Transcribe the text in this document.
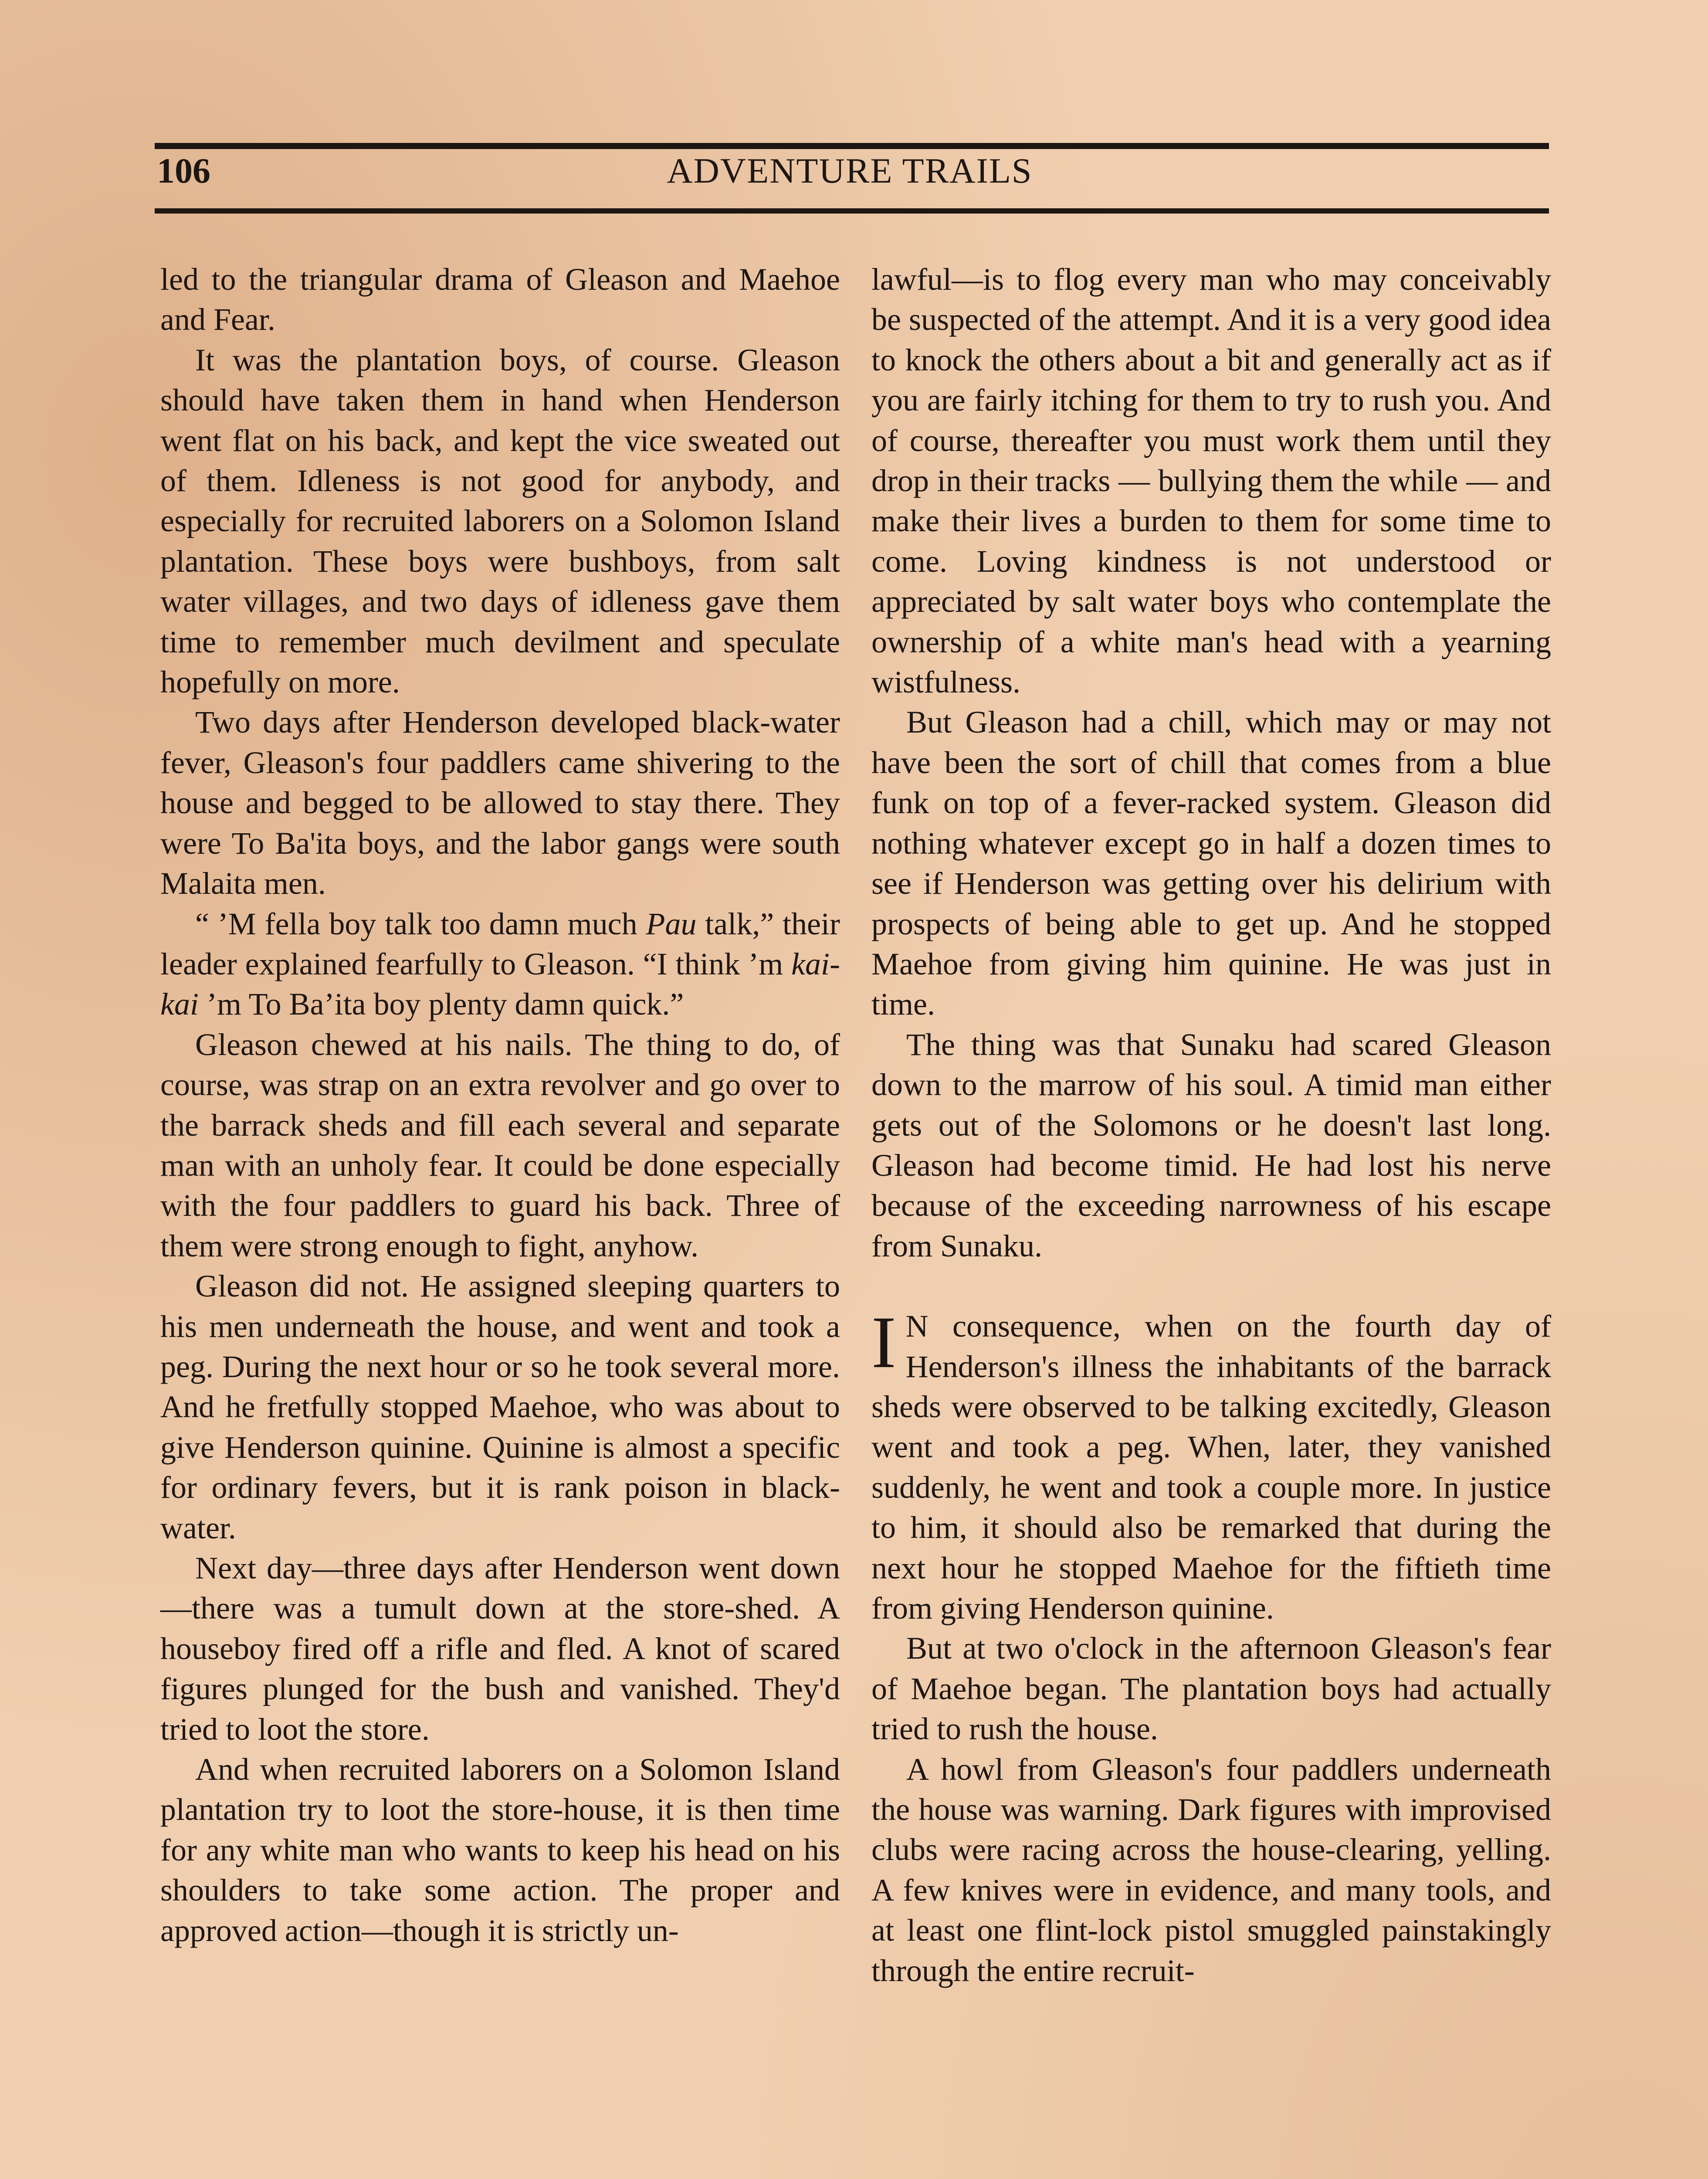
106	ADVENTURE TRAILS

led to the triangular drama of Gleason and Maehoe and Fear.

It was the plantation boys, of course. Gleason should have taken them in hand when Henderson went flat on his back, and kept the vice sweated out of them. Idleness is not good for anybody, and especially for recruited laborers on a Solomon Island plantation. These boys were bushboys, from salt water villages, and two days of idleness gave them time to remember much devilment and speculate hopefully on more.

Two days after Henderson developed black-water fever, Gleason's four paddlers came shivering to the house and begged to be allowed to stay there. They were To Ba'ita boys, and the labor gangs were south Malaita men.

“ ’M fella boy talk too damn much Pau talk,” their leader explained fearfully to Gleason. “I think ’m kai-kai ’m To Ba’ita boy plenty damn quick.”

Gleason chewed at his nails. The thing to do, of course, was strap on an extra revolver and go over to the barrack sheds and fill each several and separate man with an unholy fear. It could be done especially with the four paddlers to guard his back. Three of them were strong enough to fight, anyhow.

Gleason did not. He assigned sleeping quarters to his men underneath the house, and went and took a peg. During the next hour or so he took several more. And he fretfully stopped Maehoe, who was about to give Henderson quinine. Quinine is almost a specific for ordinary fevers, but it is rank poison in black-water.

Next day—three days after Henderson went down—there was a tumult down at the store-shed. A houseboy fired off a rifle and fled. A knot of scared figures plunged for the bush and vanished. They'd tried to loot the store.

And when recruited laborers on a Solomon Island plantation try to loot the store-house, it is then time for any white man who wants to keep his head on his shoulders to take some action. The proper and approved action—though it is strictly un-

lawful—is to flog every man who may conceivably be suspected of the attempt. And it is a very good idea to knock the others about a bit and generally act as if you are fairly itching for them to try to rush you. And of course, thereafter you must work them until they drop in their tracks — bullying them the while — and make their lives a burden to them for some time to come. Loving kindness is not understood or appreciated by salt water boys who contemplate the ownership of a white man's head with a yearning wistfulness.

But Gleason had a chill, which may or may not have been the sort of chill that comes from a blue funk on top of a fever-racked system. Gleason did nothing whatever except go in half a dozen times to see if Henderson was getting over his delirium with prospects of being able to get up. And he stopped Maehoe from giving him quinine. He was just in time.

The thing was that Sunaku had scared Gleason down to the marrow of his soul. A timid man either gets out of the Solomons or he doesn't last long. Gleason had become timid. He had lost his nerve because of the exceeding narrowness of his escape from Sunaku.

I N consequence, when on the fourth day of Henderson's illness the inhabitants of the barrack sheds were observed to be talking excitedly, Gleason went and took a peg. When, later, they vanished suddenly, he went and took a couple more. In justice to him, it should also be remarked that during the next hour he stopped Maehoe for the fiftieth time from giving Henderson quinine.

But at two o'clock in the afternoon Gleason's fear of Maehoe began. The plantation boys had actually tried to rush the house.

A howl from Gleason's four paddlers underneath the house was warning. Dark figures with improvised clubs were racing across the house-clearing, yelling. A few knives were in evidence, and many tools, and at least one flint-lock pistol smuggled painstakingly through the entire recruit-
